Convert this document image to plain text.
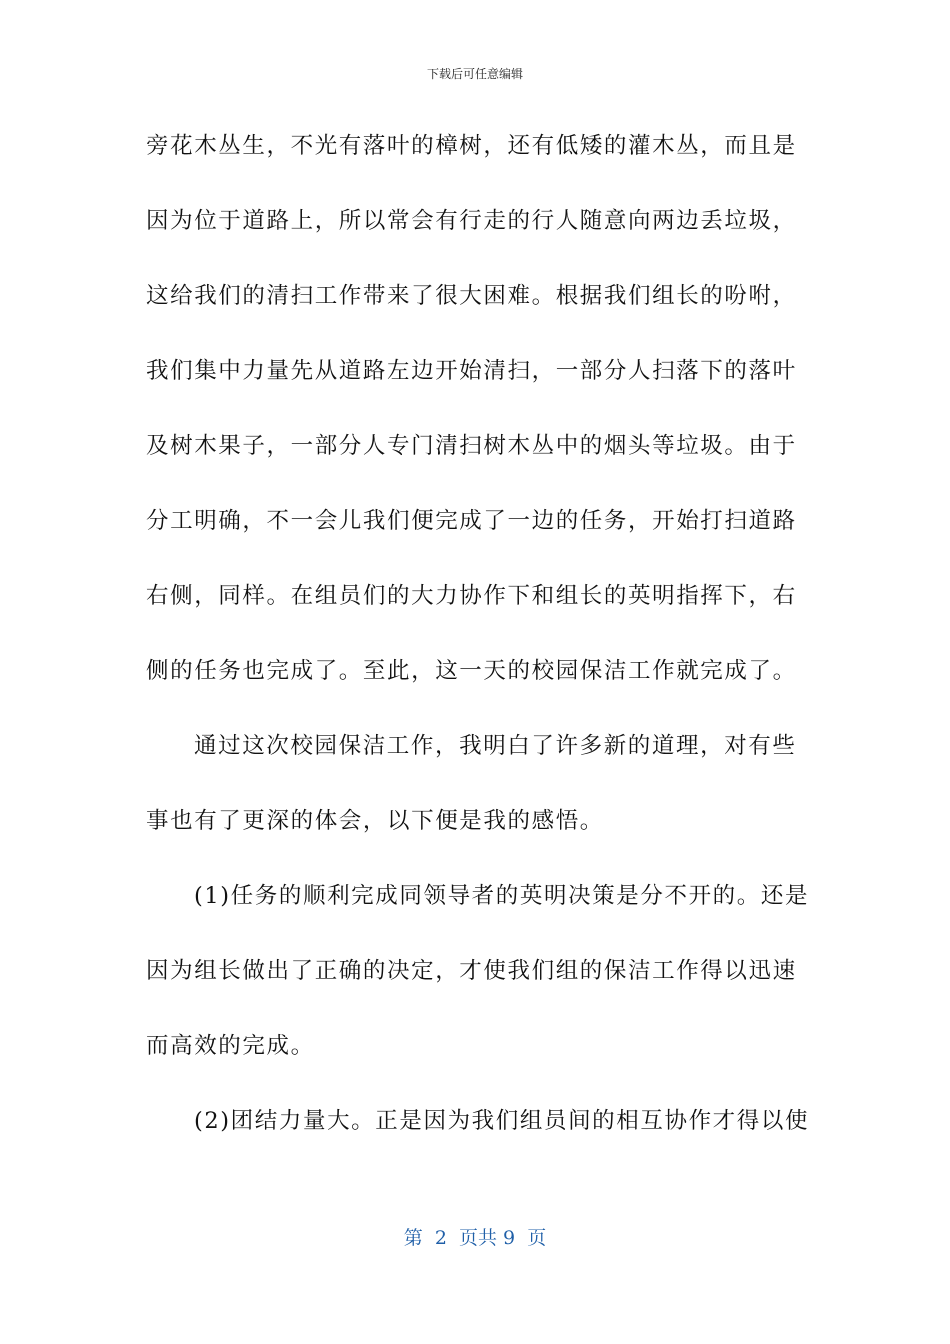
下载后可任意编辑
旁花木丛生，不光有落叶的樟树，还有低矮的灌木丛，而且是
因为位于道路上，所以常会有行走的行人随意向两边丢垃圾，
这给我们的清扫工作带来了很大困难。根据我们组长的吩咐，
我们集中力量先从道路左边开始清扫，一部分人扫落下的落叶
及树木果子，一部分人专门清扫树木丛中的烟头等垃圾。由于
分工明确，不一会儿我们便完成了一边的任务，开始打扫道路
右侧，同样。在组员们的大力协作下和组长的英明指挥下，右
侧的任务也完成了。至此，这一天的校园保洁工作就完成了。
通过这次校园保洁工作，我明白了许多新的道理，对有些
事也有了更深的体会，以下便是我的感悟。
(1)任务的顺利完成同领导者的英明决策是分不开的。还是
因为组长做出了正确的决定，才使我们组的保洁工作得以迅速
而高效的完成。
(2)团结力量大。正是因为我们组员间的相互协作才得以使
第  2  页共 9  页
